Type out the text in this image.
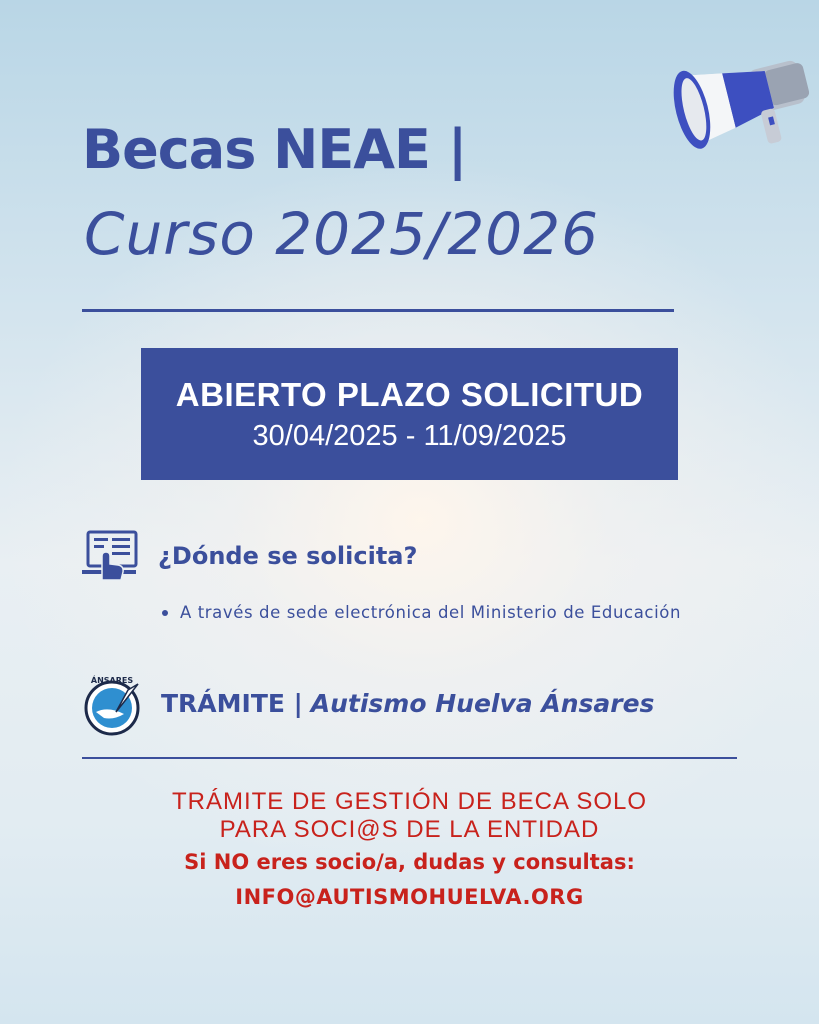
Becas NEAE |
Curso 2025/2026
ABIERTO PLAZO SOLICITUD
30/04/2025 - 11/09/2025
¿Dónde se solicita?
A través de sede electrónica del Ministerio de Educación
ÁNSARES
TRÁMITE | Autismo Huelva Ánsares
TRÁMITE DE GESTIÓN DE BECA SOLO
PARA SOCI@S DE LA ENTIDAD
Si NO eres socio/a, dudas y consultas:
INFO@AUTISMOHUELVA.ORG
